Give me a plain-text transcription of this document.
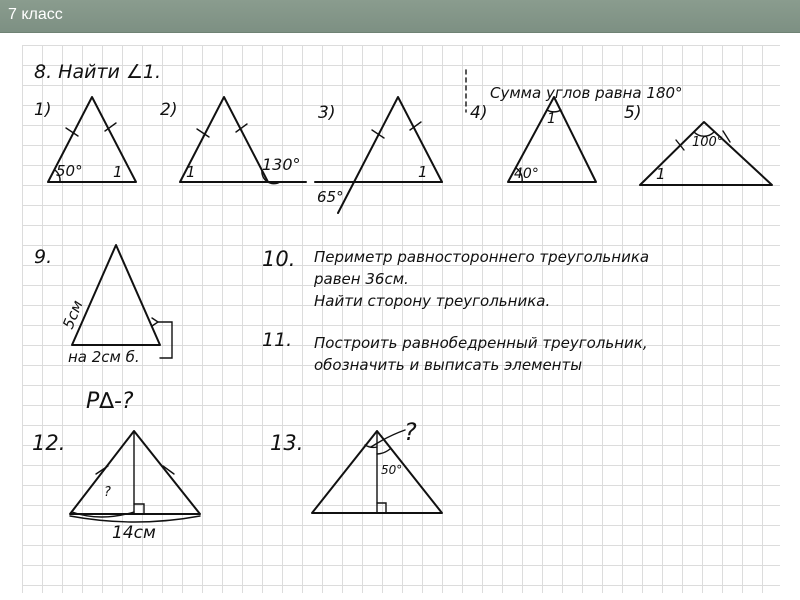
7 класс
8. Найти ∠1.
Сумма углов равна 180°
1)
50° 1
2)
130°
1
3)
65°
1
4)	1
40°
5)
100°
1
9.
5см
на 2см б.
P∆-?
10. Периметр равностороннего треугольника
равен 36см.
Найти сторону треугольника.
11. Построить равнобедренный треугольник,
обозначить и выписать элементы
12.
?
14см
13.	?
50°
